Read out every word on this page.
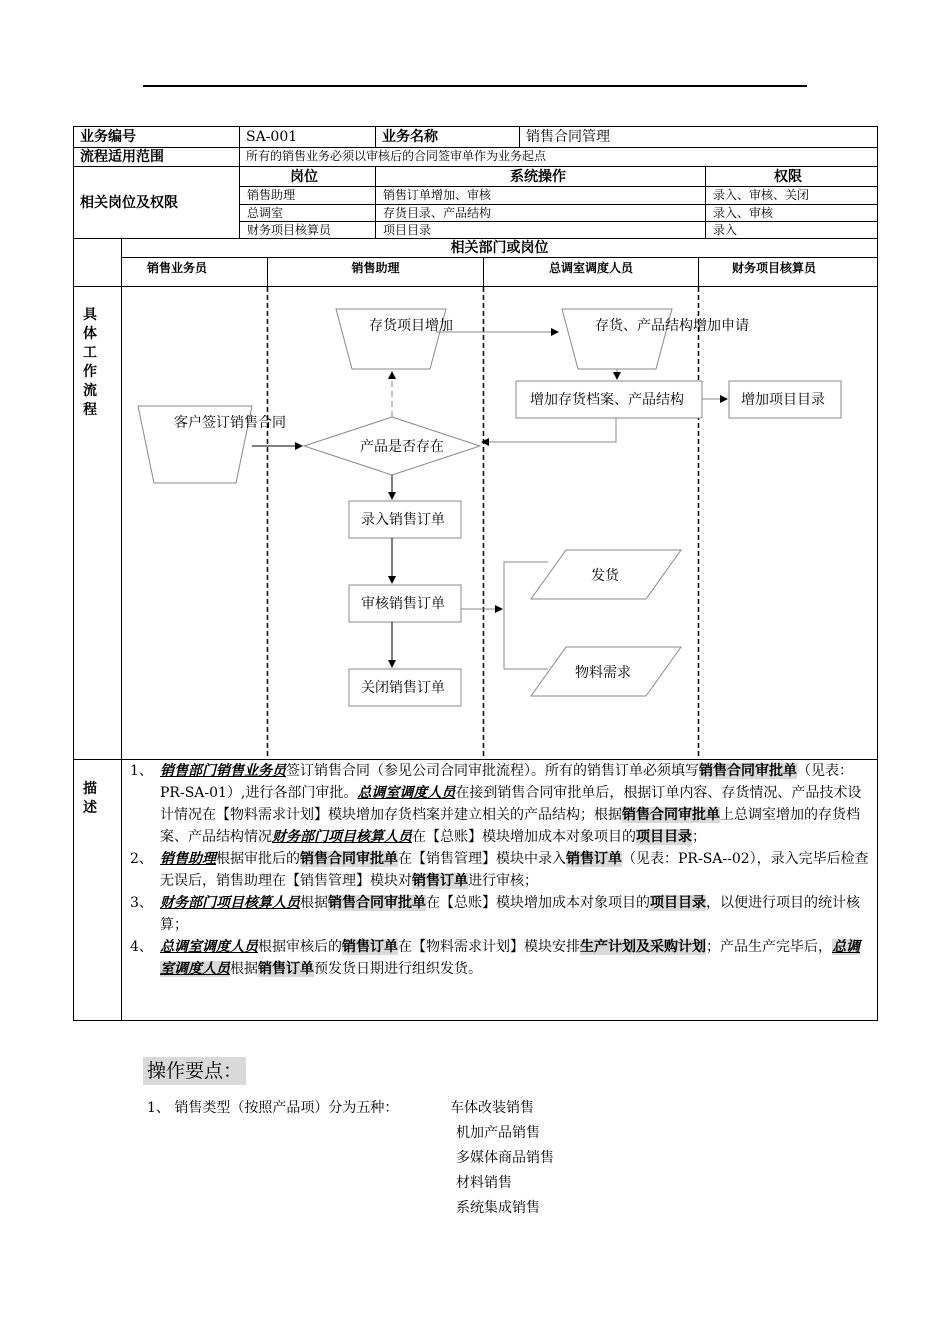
业务编号	SA-001	业务名称	销售合同管理
流程适用范围	所有的销售业务必须以审核后的合同签审单作为业务起点
相关岗位及权限
岗位	系统操作	权限
销售助理	销售订单增加、审核	录入、审核、关闭
总调室	存货目录、产品结构	录入、审核
财务项目核算员	项目目录	录入
相关部门或岗位
销售业务员	销售助理	总调室调度人员	财务项目核算员
具
体
工
作
流
程
客户签订销售合同
存货项目增加	存货、产品结构增加申请
产品是否存在
录入销售订单
审核销售订单
关闭销售订单
增加存货档案、产品结构	增加项目目录
发货
物料需求
描
述
1、 销售部门销售业务员签订销售合同（参见公司合同审批流程）。所有的销售订单必须填写销售合同审批单（见表：PR-SA-01）,进行各部门审批。总调室调度人员在接到销售合同审批单后，根据订单内容、存货情况、产品技术设计情况在【物料需求计划】模块增加存货档案并建立相关的产品结构；根据销售合同审批单上总调室增加的存货档案、产品结构情况财务部门项目核算人员在【总账】模块增加成本对象项目的项目目录；
2、 销售助理根据审批后的销售合同审批单在【销售管理】模块中录入销售订单（见表：PR-SA--02），录入完毕后检查无误后，销售助理在【销售管理】模块对销售订单进行审核；
3、 财务部门项目核算人员根据销售合同审批单在【总账】模块增加成本对象项目的项目目录，以便进行项目的统计核算；
4、 总调室调度人员根据审核后的销售订单在【物料需求计划】模块安排生产计划及采购计划；产品生产完毕后，总调室调度人员根据销售订单预发货日期进行组织发货。
操作要点：
1、 销售类型（按照产品项）分为五种：	车体改装销售
机加产品销售
多媒体商品销售
材料销售
系统集成销售
